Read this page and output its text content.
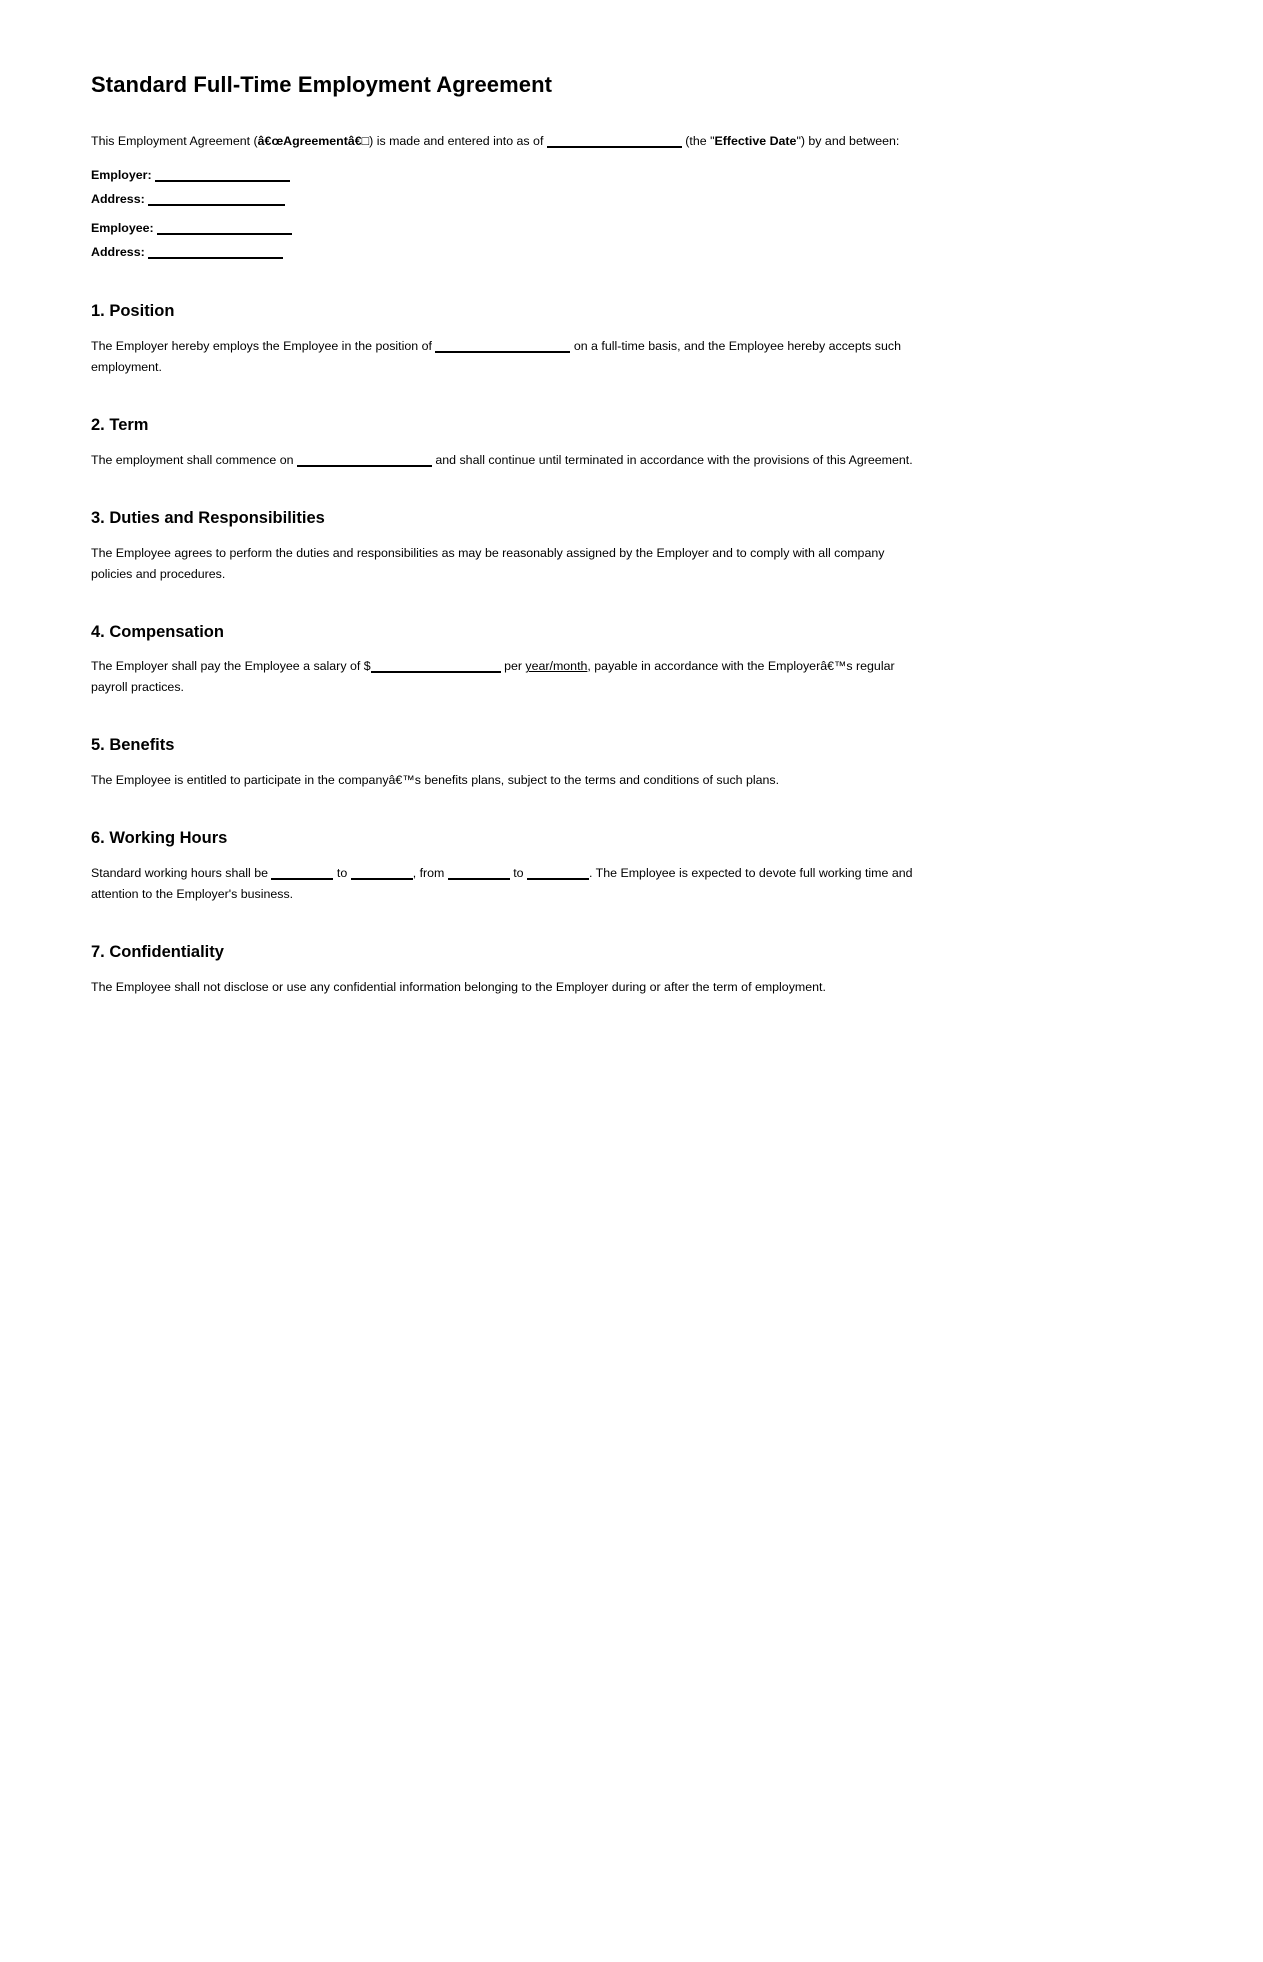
Standard Full-Time Employment Agreement

This Employment Agreement (â€œAgreementâ€□) is made and entered into as of	(the "Effective Date") by and between:

Employer:

Address:

Employee:

Address:

1. Position

The Employer hereby employs the Employee in the position of	on a full-time basis, and the Employee hereby accepts such employment.

2. Term

The employment shall commence on	and shall continue until terminated in accordance with the provisions of this Agreement.

3. Duties and Responsibilities

The Employee agrees to perform the duties and responsibilities as may be reasonably assigned by the Employer and to comply with all company policies and procedures.

4. Compensation

The Employer shall pay the Employee a salary of $	per year/month, payable in accordance with the Employerâ€™s regular payroll practices.

5. Benefits

The Employee is entitled to participate in the companyâ€™s benefits plans, subject to the terms and conditions of such plans.

6. Working Hours

Standard working hours shall be	to	, from	to	. The Employee is expected to devote full working time and attention to the Employer's business.

7. Confidentiality

The Employee shall not disclose or use any confidential information belonging to the Employer during or after the term of employment.
